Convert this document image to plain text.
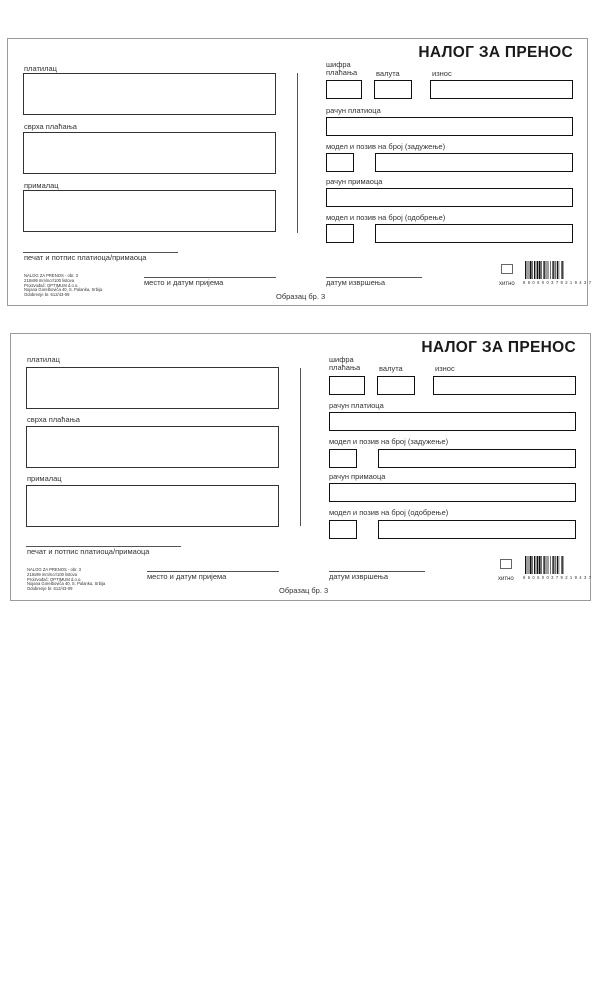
НАЛОГ ЗА ПРЕНОС
платилац
сврха плаћања
прималац
печат и потпис платиоца/примаоца
NALOG ZA PRENOS - obr. 3
218x99 mm/ncr/100 listova
Proizvođač: OPTIMUM d.o.o.
Nojana Gorelboviča 40, S. Palanka, Srbija
Odobrenje br. 612/43-09
место и датум пријема
Образац бр. 3
шифра
плаћања	валута	износ
рачун платиоца
модел и позив на број (задужење)
рачун примаоца
модел и позив на број (одобрење)
датум извршења	хитно 8 6 0 6 0 0 3 7 9 2 1 9 4 3 7
НАЛОГ ЗА ПРЕНОС
платилац
сврха плаћања
прималац
печат и потпис платиоца/примаоца
NALOG ZA PRENOS - obr. 3
218x99 mm/ncr/100 listova
Proizvođač: OPTIMUM d.o.o.
Nojana Gorelboviča 40, S. Palanka, Srbija
Odobrenje br. 612/43-09
место и датум пријема
Образац бр. 3
шифра
плаћања	валута	износ
рачун платиоца
модел и позив на број (задужење)
рачун примаоца
модел и позив на број (одобрење)
датум извршења	хитно 8 6 0 6 0 0 3 7 9 2 1 9 4 3 7
